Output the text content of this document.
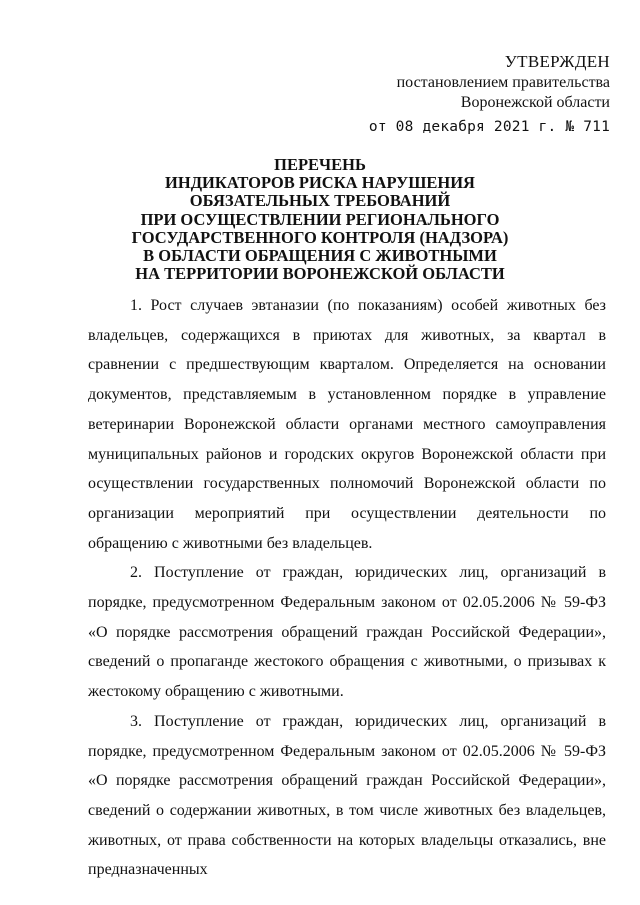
УТВЕРЖДЕН
постановлением правительства
Воронежской области
от 08 декабря 2021 г. № 711
ПЕРЕЧЕНЬ
ИНДИКАТОРОВ РИСКА НАРУШЕНИЯ
ОБЯЗАТЕЛЬНЫХ ТРЕБОВАНИЙ
ПРИ ОСУЩЕСТВЛЕНИИ РЕГИОНАЛЬНОГО
ГОСУДАРСТВЕННОГО КОНТРОЛЯ (НАДЗОРА)
В ОБЛАСТИ ОБРАЩЕНИЯ С ЖИВОТНЫМИ
НА ТЕРРИТОРИИ ВОРОНЕЖСКОЙ ОБЛАСТИ

1. Рост случаев эвтаназии (по показаниям) особей животных без владельцев, содержащихся в приютах для животных, за квартал в сравнении с предшествующим кварталом. Определяется на основании документов, представляемым в установленном порядке в управление ветеринарии Воронежской области органами местного самоуправления муниципальных районов и городских округов Воронежской области при осуществлении государственных полномочий Воронежской области по организации мероприятий при осуществлении деятельности по обращению с животными без владельцев.

2. Поступление от граждан, юридических лиц, организаций в порядке, предусмотренном Федеральным законом от 02.05.2006 № 59-ФЗ «О порядке рассмотрения обращений граждан Российской Федерации», сведений о пропаганде жестокого обращения с животными, о призывах к жестокому обращению с животными.

3. Поступление от граждан, юридических лиц, организаций в порядке, предусмотренном Федеральным законом от 02.05.2006 № 59-ФЗ «О порядке рассмотрения обращений граждан Российской Федерации», сведений о содержании животных, в том числе животных без владельцев, животных, от права собственности на которых владельцы отказались, вне предназначенных
